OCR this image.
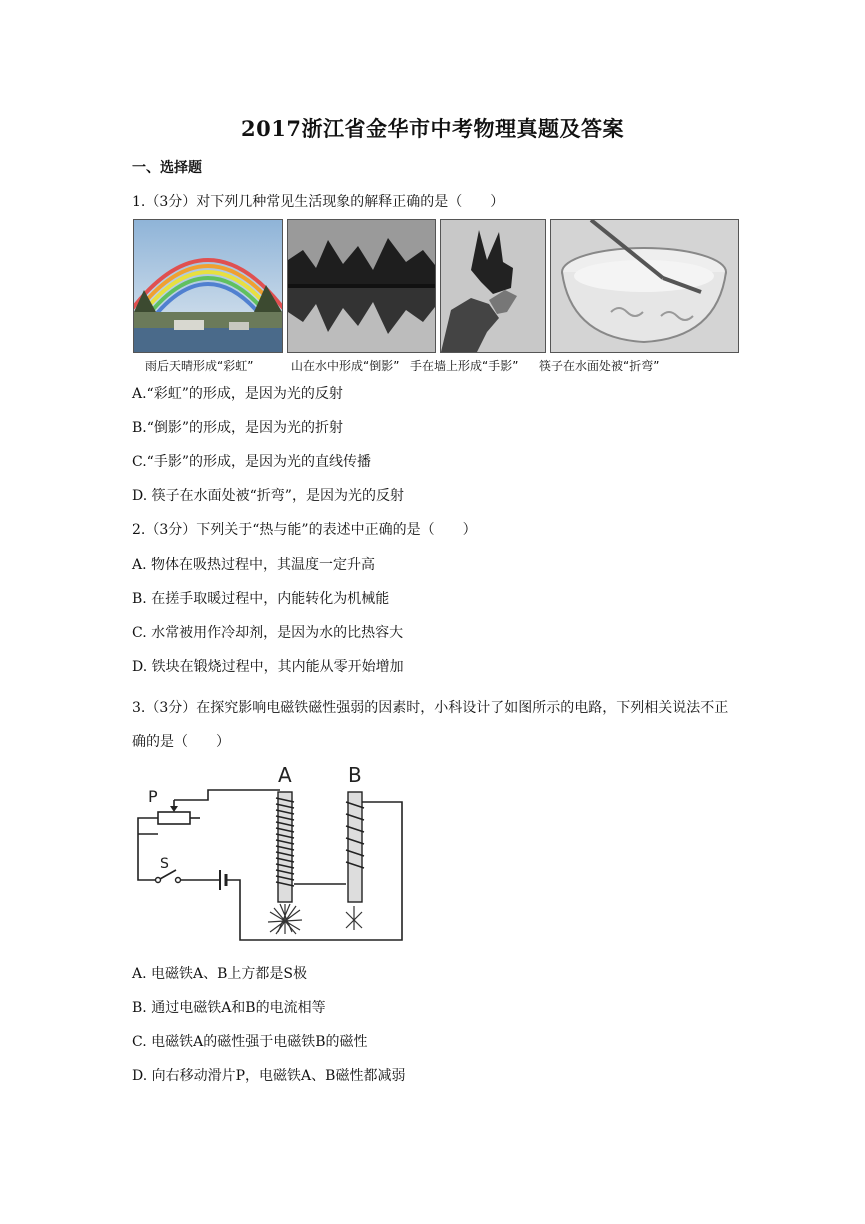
2017浙江省金华市中考物理真题及答案
一、选择题
1.（3分）对下列几种常见生活现象的解释正确的是（　　）
雨后天晴形成“彩虹”	山在水中形成“倒影” 手在墙上形成“手影” 筷子在水面处被“折弯”
A.“彩虹”的形成，是因为光的反射
B.“倒影”的形成，是因为光的折射
C.“手影”的形成，是因为光的直线传播
D. 筷子在水面处被“折弯”，是因为光的反射
2.（3分）下列关于“热与能”的表述中正确的是（　　）
A. 物体在吸热过程中，其温度一定升高
B. 在搓手取暖过程中，内能转化为机械能
C. 水常被用作冷却剂，是因为水的比热容大
D. 铁块在锻烧过程中，其内能从零开始增加
3.（3分）在探究影响电磁铁磁性强弱的因素时，小科设计了如图所示的电路，下列相关说法不正确的是（　　）
P
S
A	B
A. 电磁铁A、B上方都是S极
B. 通过电磁铁A和B的电流相等
C. 电磁铁A的磁性强于电磁铁B的磁性
D. 向右移动滑片P，电磁铁A、B磁性都减弱
